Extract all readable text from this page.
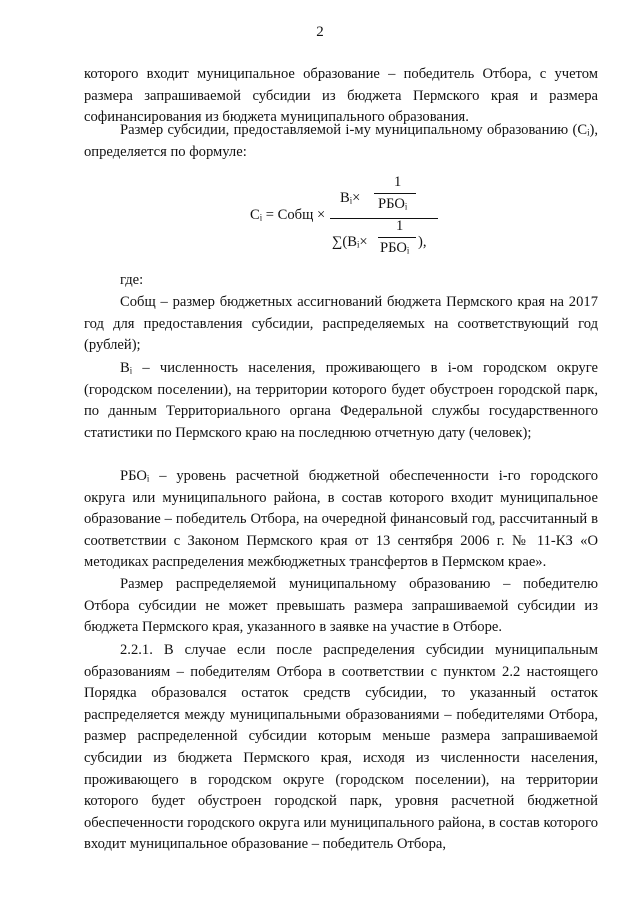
2

которого входит муниципальное образование – победитель Отбора, с учетом размера запрашиваемой субсидии из бюджета Пермского края и размера софинансирования из бюджета муниципального образования.

Размер субсидии, предоставляемой i-му муниципальному образованию (Cᵢ), определяется по формуле:

Cᵢ = Cобщ ×
Bᵢ×
1
РБОᵢ
∑(Bᵢ×
1
РБОᵢ ),

где:

Cобщ – размер бюджетных ассигнований бюджета Пермского края на 2017 год для предоставления субсидии, распределяемых на соответствующий год (рублей);

Bᵢ – численность населения, проживающего в i-ом городском округе (городском поселении), на территории которого будет обустроен городской парк, по данным Территориального органа Федеральной службы государственного статистики по Пермского краю на последнюю отчетную дату (человек);

РБОᵢ – уровень расчетной бюджетной обеспеченности i-го городского округа или муниципального района, в состав которого входит муниципальное образование – победитель Отбора, на очередной финансовый год, рассчитанный в соответствии с Законом Пермского края от 13 сентября 2006 г. № 11-КЗ «О методиках распределения межбюджетных трансфертов в Пермском крае».

Размер распределяемой муниципальному образованию – победителю Отбора субсидии не может превышать размера запрашиваемой субсидии из бюджета Пермского края, указанного в заявке на участие в Отборе.

2.2.1. В случае если после распределения субсидии муниципальным образованиям – победителям Отбора в соответствии с пунктом 2.2 настоящего Порядка образовался остаток средств субсидии, то указанный остаток распределяется между муниципальными образованиями – победителями Отбора, размер распределенной субсидии которым меньше размера запрашиваемой субсидии из бюджета Пермского края, исходя из численности населения, проживающего в городском округе (городском поселении), на территории которого будет обустроен городской парк, уровня расчетной бюджетной обеспеченности городского округа или муниципального района, в состав которого входит муниципальное образование – победитель Отбора,
